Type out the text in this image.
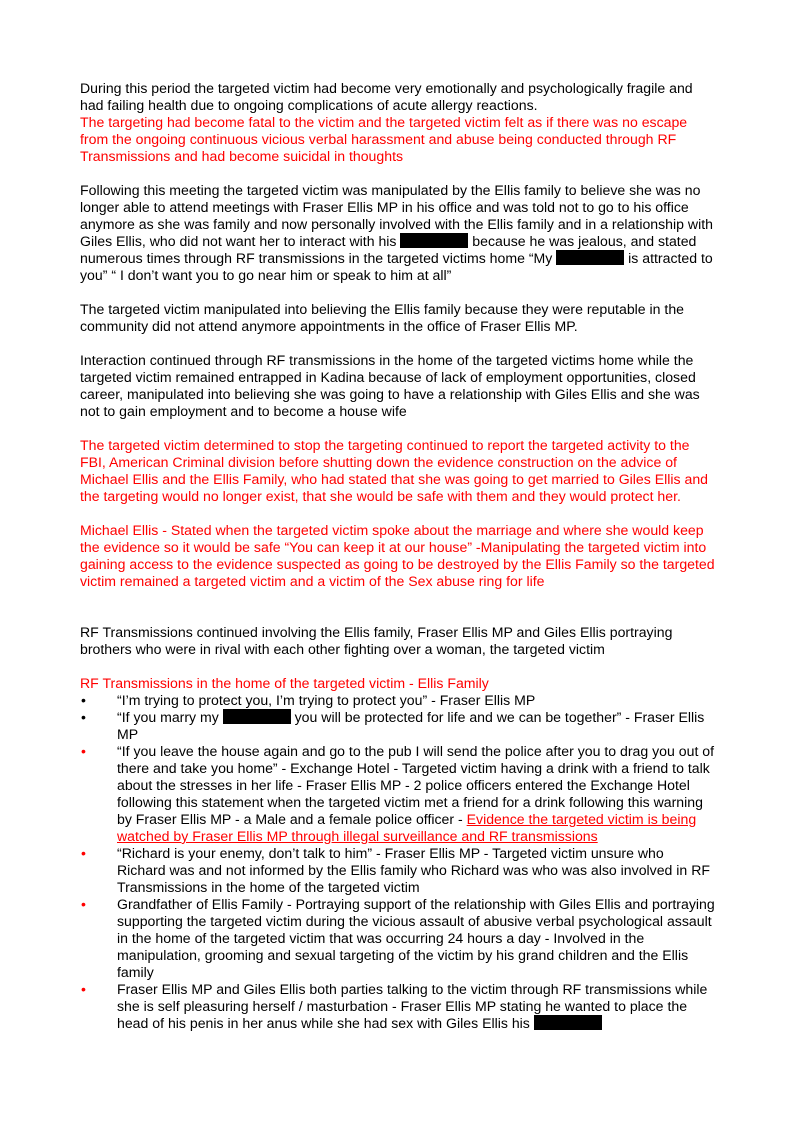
During this period the targeted victim had become very emotionally and psychologically fragile and had failing health due to ongoing complications of acute allergy reactions.

The targeting had become fatal to the victim and the targeted victim felt as if there was no escape from the ongoing continuous vicious verbal harassment and abuse being conducted through RF Transmissions and had become suicidal in thoughts

Following this meeting the targeted victim was manipulated by the Ellis family to believe she was no longer able to attend meetings with Fraser Ellis MP in his office and was told not to go to his office anymore as she was family and now personally involved with the Ellis family and in a relationship with Giles Ellis, who did not want her to interact with his	because he was jealous, and stated numerous times through RF transmissions in the targeted victims home “My	is attracted to you” “ I don’t want you to go near him or speak to him at all”

The targeted victim manipulated into believing the Ellis family because they were reputable in the community did not attend anymore appointments in the office of Fraser Ellis MP.

Interaction continued through RF transmissions in the home of the targeted victims home while the targeted victim remained entrapped in Kadina because of lack of employment opportunities, closed career, manipulated into believing she was going to have a relationship with Giles Ellis and she was not to gain employment and to become a house wife

The targeted victim determined to stop the targeting continued to report the targeted activity to the FBI, American Criminal division before shutting down the evidence construction on the advice of Michael Ellis and the Ellis Family, who had stated that she was going to get married to Giles Ellis and the targeting would no longer exist, that she would be safe with them and they would protect her.

Michael Ellis - Stated when the targeted victim spoke about the marriage and where she would keep the evidence so it would be safe “You can keep it at our house” -Manipulating the targeted victim into gaining access to the evidence suspected as going to be destroyed by the Ellis Family so the targeted victim remained a targeted victim and a victim of the Sex abuse ring for life

RF Transmissions continued involving the Ellis family, Fraser Ellis MP and Giles Ellis portraying brothers who were in rival with each other fighting over a woman, the targeted victim

RF Transmissions in the home of the targeted victim - Ellis Family

• “I’m trying to protect you, I’m trying to protect you” - Fraser Ellis MP
• “If you marry my	you will be protected for life and we can be together” - Fraser Ellis MP
• “If you leave the house again and go to the pub I will send the police after you to drag you out of there and take you home” - Exchange Hotel - Targeted victim having a drink with a friend to talk about the stresses in her life - Fraser Ellis MP - 2 police officers entered the Exchange Hotel following this statement when the targeted victim met a friend for a drink following this warning by Fraser Ellis MP - a Male and a female police officer - Evidence the targeted victim is being watched by Fraser Ellis MP through illegal surveillance and RF transmissions
• “Richard is your enemy, don’t talk to him” - Fraser Ellis MP - Targeted victim unsure who Richard was and not informed by the Ellis family who Richard was who was also involved in RF Transmissions in the home of the targeted victim
• Grandfather of Ellis Family - Portraying support of the relationship with Giles Ellis and portraying supporting the targeted victim during the vicious assault of abusive verbal psychological assault in the home of the targeted victim that was occurring 24 hours a day - Involved in the manipulation, grooming and sexual targeting of the victim by his grand children and the Ellis family
• Fraser Ellis MP and Giles Ellis both parties talking to the victim through RF transmissions while she is self pleasuring herself / masturbation - Fraser Ellis MP stating he wanted to place the head of his penis in her anus while she had sex with Giles Ellis his
